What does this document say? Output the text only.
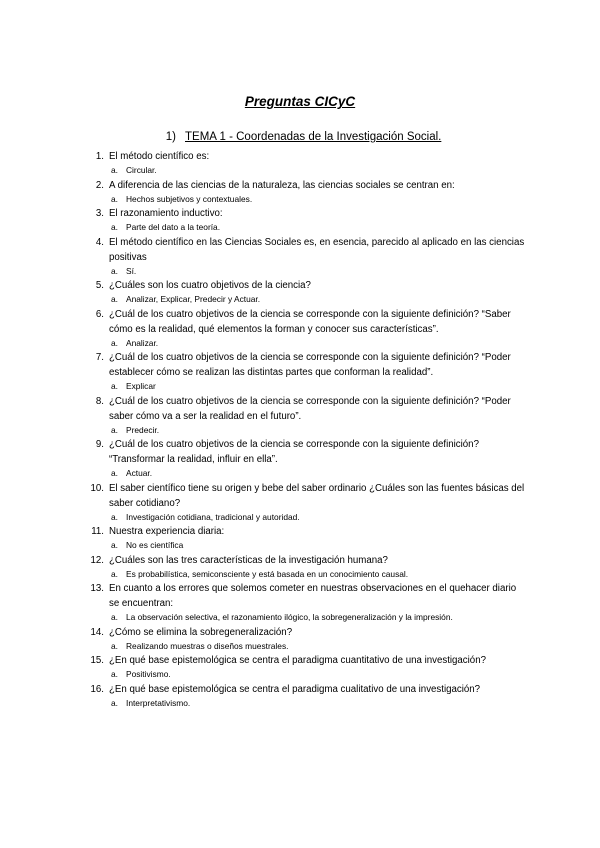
Preguntas CICyC
1) TEMA 1 - Coordenadas de la Investigación Social.
1. El método científico es:
a. Circular.
2. A diferencia de las ciencias de la naturaleza, las ciencias sociales se centran en:
a. Hechos subjetivos y contextuales.
3. El razonamiento inductivo:
a. Parte del dato a la teoría.
4. El método científico en las Ciencias Sociales es, en esencia, parecido al aplicado en las ciencias positivas
a. Sí.
5. ¿Cuáles son los cuatro objetivos de la ciencia?
a. Analizar, Explicar, Predecir y Actuar.
6. ¿Cuál de los cuatro objetivos de la ciencia se corresponde con la siguiente definición? “Saber cómo es la realidad, qué elementos la forman y conocer sus características”.
a. Analizar.
7. ¿Cuál de los cuatro objetivos de la ciencia se corresponde con la siguiente definición? “Poder establecer cómo se realizan las distintas partes que conforman la realidad”.
a. Explicar
8. ¿Cuál de los cuatro objetivos de la ciencia se corresponde con la siguiente definición? “Poder saber cómo va a ser la realidad en el futuro”.
a. Predecir.
9. ¿Cuál de los cuatro objetivos de la ciencia se corresponde con la siguiente definición? “Transformar la realidad, influir en ella”.
a. Actuar.
10. El saber científico tiene su origen y bebe del saber ordinario ¿Cuáles son las fuentes básicas del saber cotidiano?
a. Investigación cotidiana, tradicional y autoridad.
11. Nuestra experiencia diaria:
a. No es científica
12. ¿Cuáles son las tres características de la investigación humana?
a. Es probabilística, semiconsciente y está basada en un conocimiento causal.
13. En cuanto a los errores que solemos cometer en nuestras observaciones en el quehacer diario se encuentran:
a. La observación selectiva, el razonamiento ilógico, la sobregeneralización y la impresión.
14. ¿Cómo se elimina la sobregeneralización?
a. Realizando muestras o diseños muestrales.
15. ¿En qué base epistemológica se centra el paradigma cuantitativo de una investigación?
a. Positivismo.
16. ¿En qué base epistemológica se centra el paradigma cualitativo de una investigación?
a. Interpretativismo.
